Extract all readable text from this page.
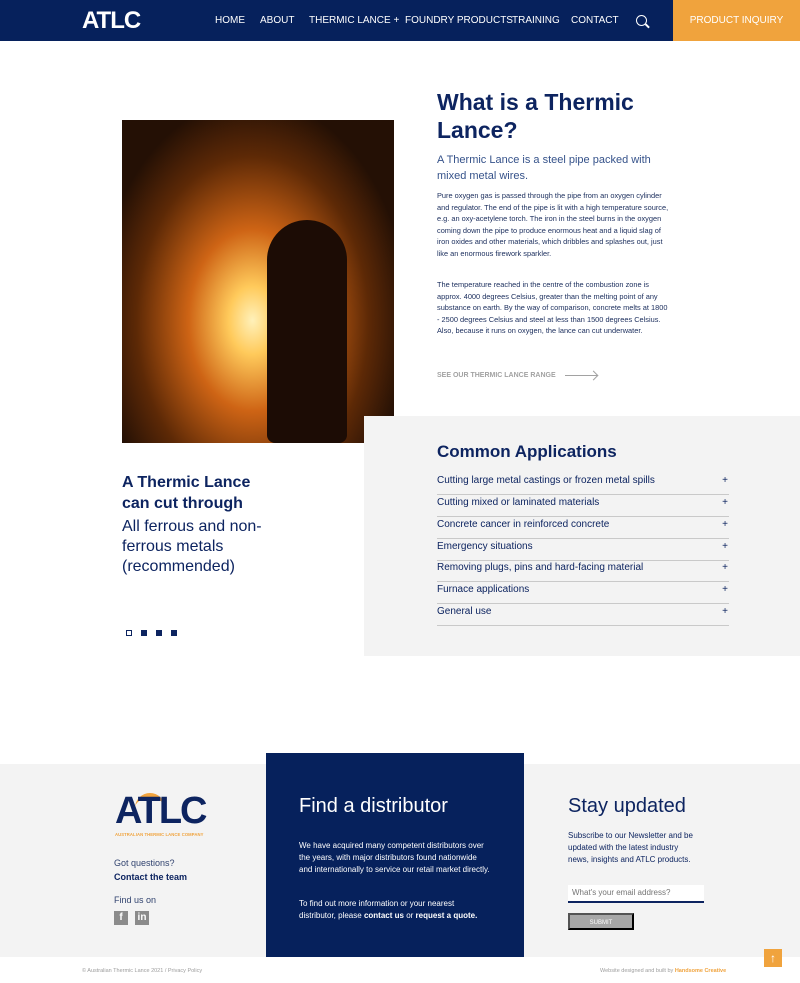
ATLC	HOME ABOUT THERMIC LANCE + FOUNDRY PRODUCTS TRAINING CONTACT	PRODUCT INQUIRY
What is a Thermic Lance?

A Thermic Lance is a steel pipe packed with mixed metal wires.

Pure oxygen gas is passed through the pipe from an oxygen cylinder and regulator. The end of the pipe is lit with a high temperature source, e.g. an oxy-acetylene torch. The iron in the steel burns in the oxygen coming down the pipe to produce enormous heat and a liquid slag of iron oxides and other materials, which dribbles and splashes out, just like an enormous firework sparkler.

The temperature reached in the centre of the combustion zone is approx. 4000 degrees Celsius, greater than the melting point of any substance on earth. By the way of comparison, concrete melts at 1800 - 2500 degrees Celsius and steel at less than 1500 degrees Celsius. Also, because it runs on oxygen, the lance can cut underwater.

SEE OUR THERMIC LANCE RANGE
Common Applications
Cutting large metal castings or frozen metal spills	+
Cutting mixed or laminated materials	+
Concrete cancer in reinforced concrete	+
Emergency situations	+
Removing plugs, pins and hard-facing material	+
Furnace applications	+
General use	+
A Thermic Lance can cut through

All ferrous and non-ferrous metals (recommended)

ATLC
AUSTRALIAN THERMIC LANCE COMPANY

Got questions?

Contact the team

Find us on

f	in
Find a distributor

We have acquired many competent distributors over the years, with major distributors found nationwide and internationally to service our retail market directly.

To find out more information or your nearest distributor, please contact us or request a quote.

Stay updated

Subscribe to our Newsletter and be updated with the latest industry news, insights and ATLC products.

What's your email address?
SUBMIT
↑

© Australian Thermic Lance 2021 / Privacy Policy	Website designed and built by Handsome Creative
